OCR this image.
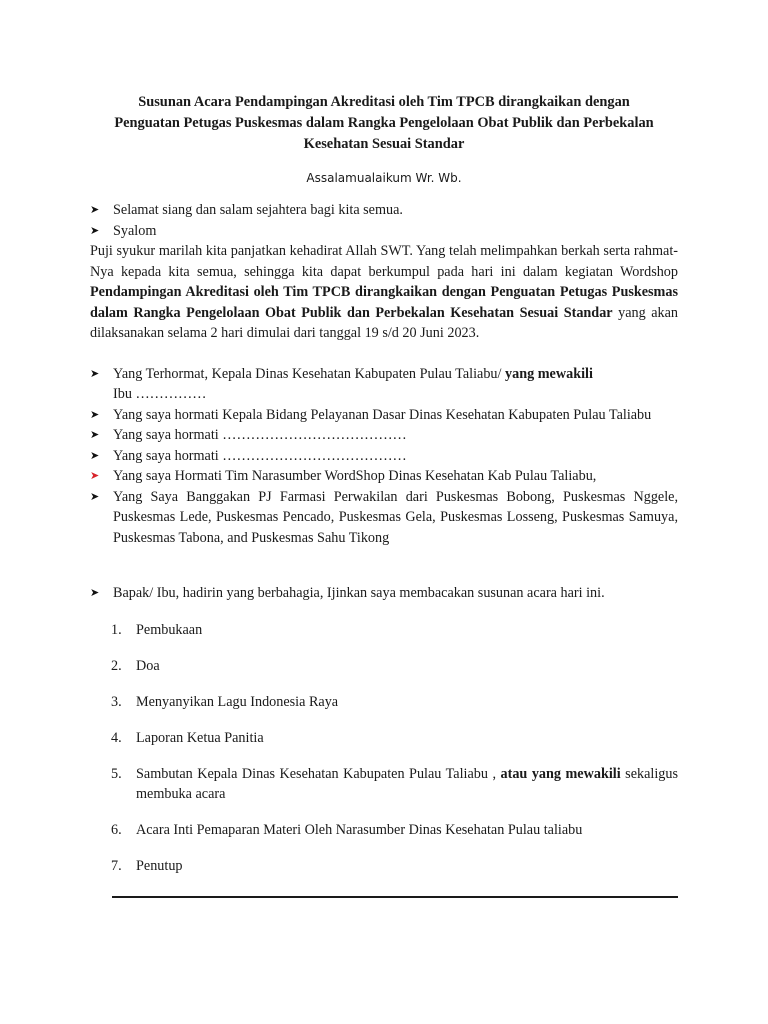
Susunan Acara Pendampingan Akreditasi oleh Tim TPCB dirangkaikan dengan
Penguatan Petugas Puskesmas dalam Rangka Pengelolaan Obat Publik dan Perbekalan
Kesehatan Sesuai Standar
Assalamualaikum Wr. Wb.
➤ Selamat siang dan salam sejahtera bagi kita semua.
➤ Syalom

Puji syukur marilah kita panjatkan kehadirat Allah SWT. Yang telah melimpahkan berkah serta rahmat-Nya kepada kita semua, sehingga kita dapat berkumpul pada hari ini dalam kegiatan Wordshop Pendampingan Akreditasi oleh Tim TPCB dirangkaikan dengan Penguatan Petugas Puskesmas dalam Rangka Pengelolaan Obat Publik dan Perbekalan Kesehatan Sesuai Standar yang akan dilaksanakan selama 2 hari dimulai dari tanggal 19 s/d 20 Juni 2023.

➤ Yang Terhormat, Kepala Dinas Kesehatan Kabupaten Pulau Taliabu/ yang mewakili
Ibu ……………
➤ Yang saya hormati Kepala Bidang Pelayanan Dasar Dinas Kesehatan Kabupaten Pulau Taliabu
➤ Yang saya hormati …………………………………
➤ Yang saya hormati …………………………………
➤ Yang saya Hormati Tim Narasumber WordShop Dinas Kesehatan Kab Pulau Taliabu,
➤ Yang Saya Banggakan PJ Farmasi Perwakilan dari Puskesmas Bobong, Puskesmas Nggele, Puskesmas Lede, Puskesmas Pencado, Puskesmas Gela, Puskesmas Losseng, Puskesmas Samuya, Puskesmas Tabona, and Puskesmas Sahu Tikong
➤ Bapak/ Ibu, hadirin yang berbahagia, Ijinkan saya membacakan susunan acara hari ini.
1. Pembukaan
2. Doa
3. Menyanyikan Lagu Indonesia Raya
4. Laporan Ketua Panitia
5. Sambutan Kepala Dinas Kesehatan Kabupaten Pulau Taliabu , atau yang mewakili sekaligus membuka acara
6. Acara Inti Pemaparan Materi Oleh Narasumber Dinas Kesehatan Pulau taliabu
7. Penutup
